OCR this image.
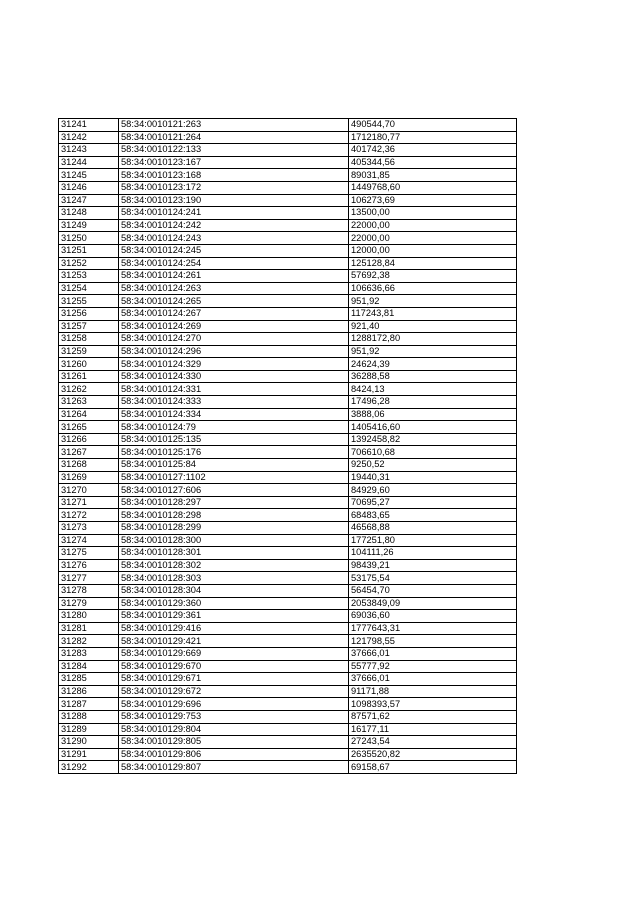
31241	58:34:0010121:263	490544,70
31242	58:34:0010121:264	1712180,77
31243	58:34:0010122:133	401742,36
31244	58:34:0010123:167	405344,56
31245	58:34:0010123:168	89031,85
31246	58:34:0010123:172	1449768,60
31247	58:34:0010123:190	106273,69
31248	58:34:0010124:241	13500,00
31249	58:34:0010124:242	22000,00
31250	58:34:0010124:243	22000,00
31251	58:34:0010124:245	12000,00
31252	58:34:0010124:254	125128,84
31253	58:34:0010124:261	57692,38
31254	58:34:0010124:263	106636,66
31255	58:34:0010124:265	951,92
31256	58:34:0010124:267	117243,81
31257	58:34:0010124:269	921,40
31258	58:34:0010124:270	1288172,80
31259	58:34:0010124:296	951,92
31260	58:34:0010124:329	24624,39
31261	58:34:0010124:330	36288,58
31262	58:34:0010124:331	8424,13
31263	58:34:0010124:333	17496,28
31264	58:34:0010124:334	3888,06
31265	58:34:0010124:79	1405416,60
31266	58:34:0010125:135	1392458,82
31267	58:34:0010125:176	706610,68
31268	58:34:0010125:84	9250,52
31269	58:34:0010127:1102	19440,31
31270	58:34:0010127:606	84929,60
31271	58:34:0010128:297	70695,27
31272	58:34:0010128:298	68483,65
31273	58:34:0010128:299	46568,88
31274	58:34:0010128:300	177251,80
31275	58:34:0010128:301	104111,26
31276	58:34:0010128:302	98439,21
31277	58:34:0010128:303	53175,54
31278	58:34:0010128:304	56454,70
31279	58:34:0010129:360	2053849,09
31280	58:34:0010129:361	69036,60
31281	58:34:0010129:416	1777643,31
31282	58:34:0010129:421	121798,55
31283	58:34:0010129:669	37666,01
31284	58:34:0010129:670	55777,92
31285	58:34:0010129:671	37666,01
31286	58:34:0010129:672	91171,88
31287	58:34:0010129:696	1098393,57
31288	58:34:0010129:753	87571,62
31289	58:34:0010129:804	16177,11
31290	58:34:0010129:805	27243,54
31291	58:34:0010129:806	2635520,82
31292	58:34:0010129:807	69158,67
